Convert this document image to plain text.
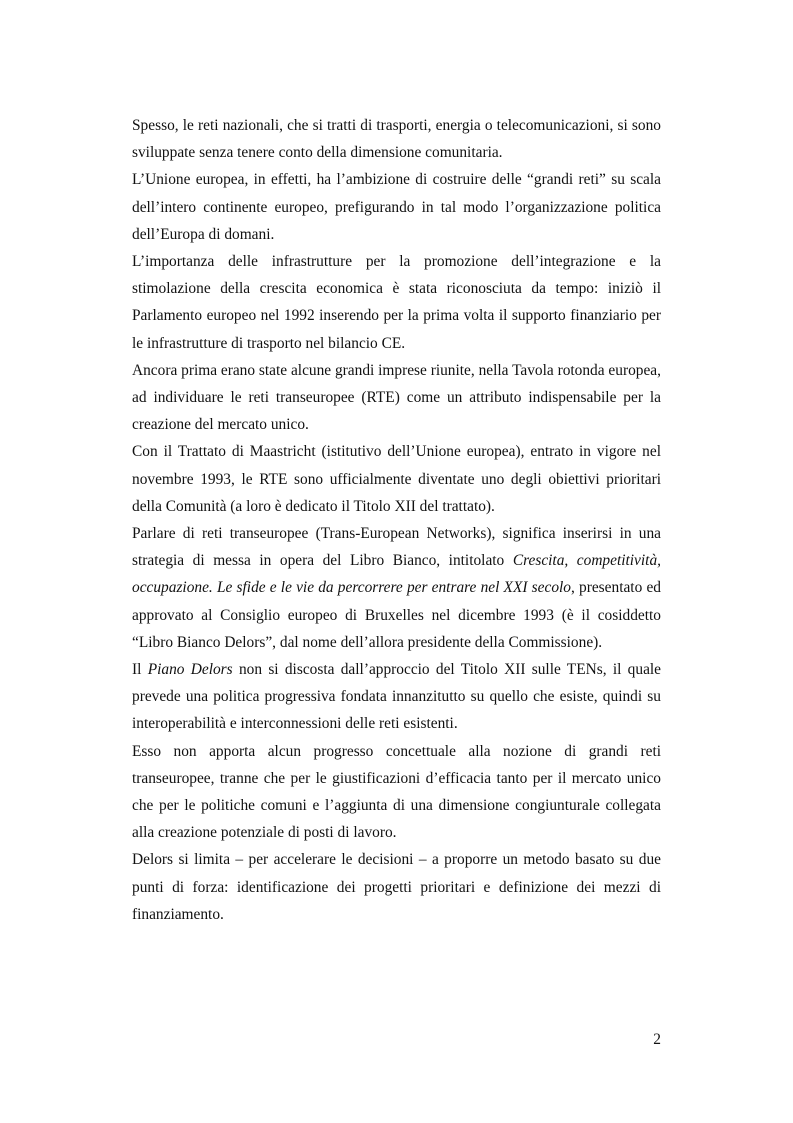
Spesso, le reti nazionali, che si tratti di trasporti, energia o telecomunicazioni, si sono sviluppate senza tenere conto della dimensione comunitaria.

L’Unione europea, in effetti, ha l’ambizione di costruire delle “grandi reti” su scala dell’intero continente europeo, prefigurando in tal modo l’organizzazione politica dell’Europa di domani.

L’importanza delle infrastrutture per la promozione dell’integrazione e la stimolazione della crescita economica è stata riconosciuta da tempo: iniziò il Parlamento europeo nel 1992 inserendo per la prima volta il supporto finanziario per le infrastrutture di trasporto nel bilancio CE.

Ancora prima erano state alcune grandi imprese riunite, nella Tavola rotonda europea, ad individuare le reti transeuropee (RTE) come un attributo indispensabile per la creazione del mercato unico.

Con il Trattato di Maastricht (istitutivo dell’Unione europea), entrato in vigore nel novembre 1993, le RTE sono ufficialmente diventate uno degli obiettivi prioritari della Comunità (a loro è dedicato il Titolo XII del trattato).

Parlare di reti transeuropee (Trans-European Networks), significa inserirsi in una strategia di messa in opera del Libro Bianco, intitolato Crescita, competitività, occupazione. Le sfide e le vie da percorrere per entrare nel XXI secolo, presentato ed approvato al Consiglio europeo di Bruxelles nel dicembre 1993 (è il cosiddetto “Libro Bianco Delors”, dal nome dell’allora presidente della Commissione).

Il Piano Delors non si discosta dall’approccio del Titolo XII sulle TENs, il quale prevede una politica progressiva fondata innanzitutto su quello che esiste, quindi su interoperabilità e interconnessioni delle reti esistenti.

Esso non apporta alcun progresso concettuale alla nozione di grandi reti transeuropee, tranne che per le giustificazioni d’efficacia tanto per il mercato unico che per le politiche comuni e l’aggiunta di una dimensione congiunturale collegata alla creazione potenziale di posti di lavoro.

Delors si limita – per accelerare le decisioni – a proporre un metodo basato su due punti di forza: identificazione dei progetti prioritari e definizione dei mezzi di finanziamento.

2
